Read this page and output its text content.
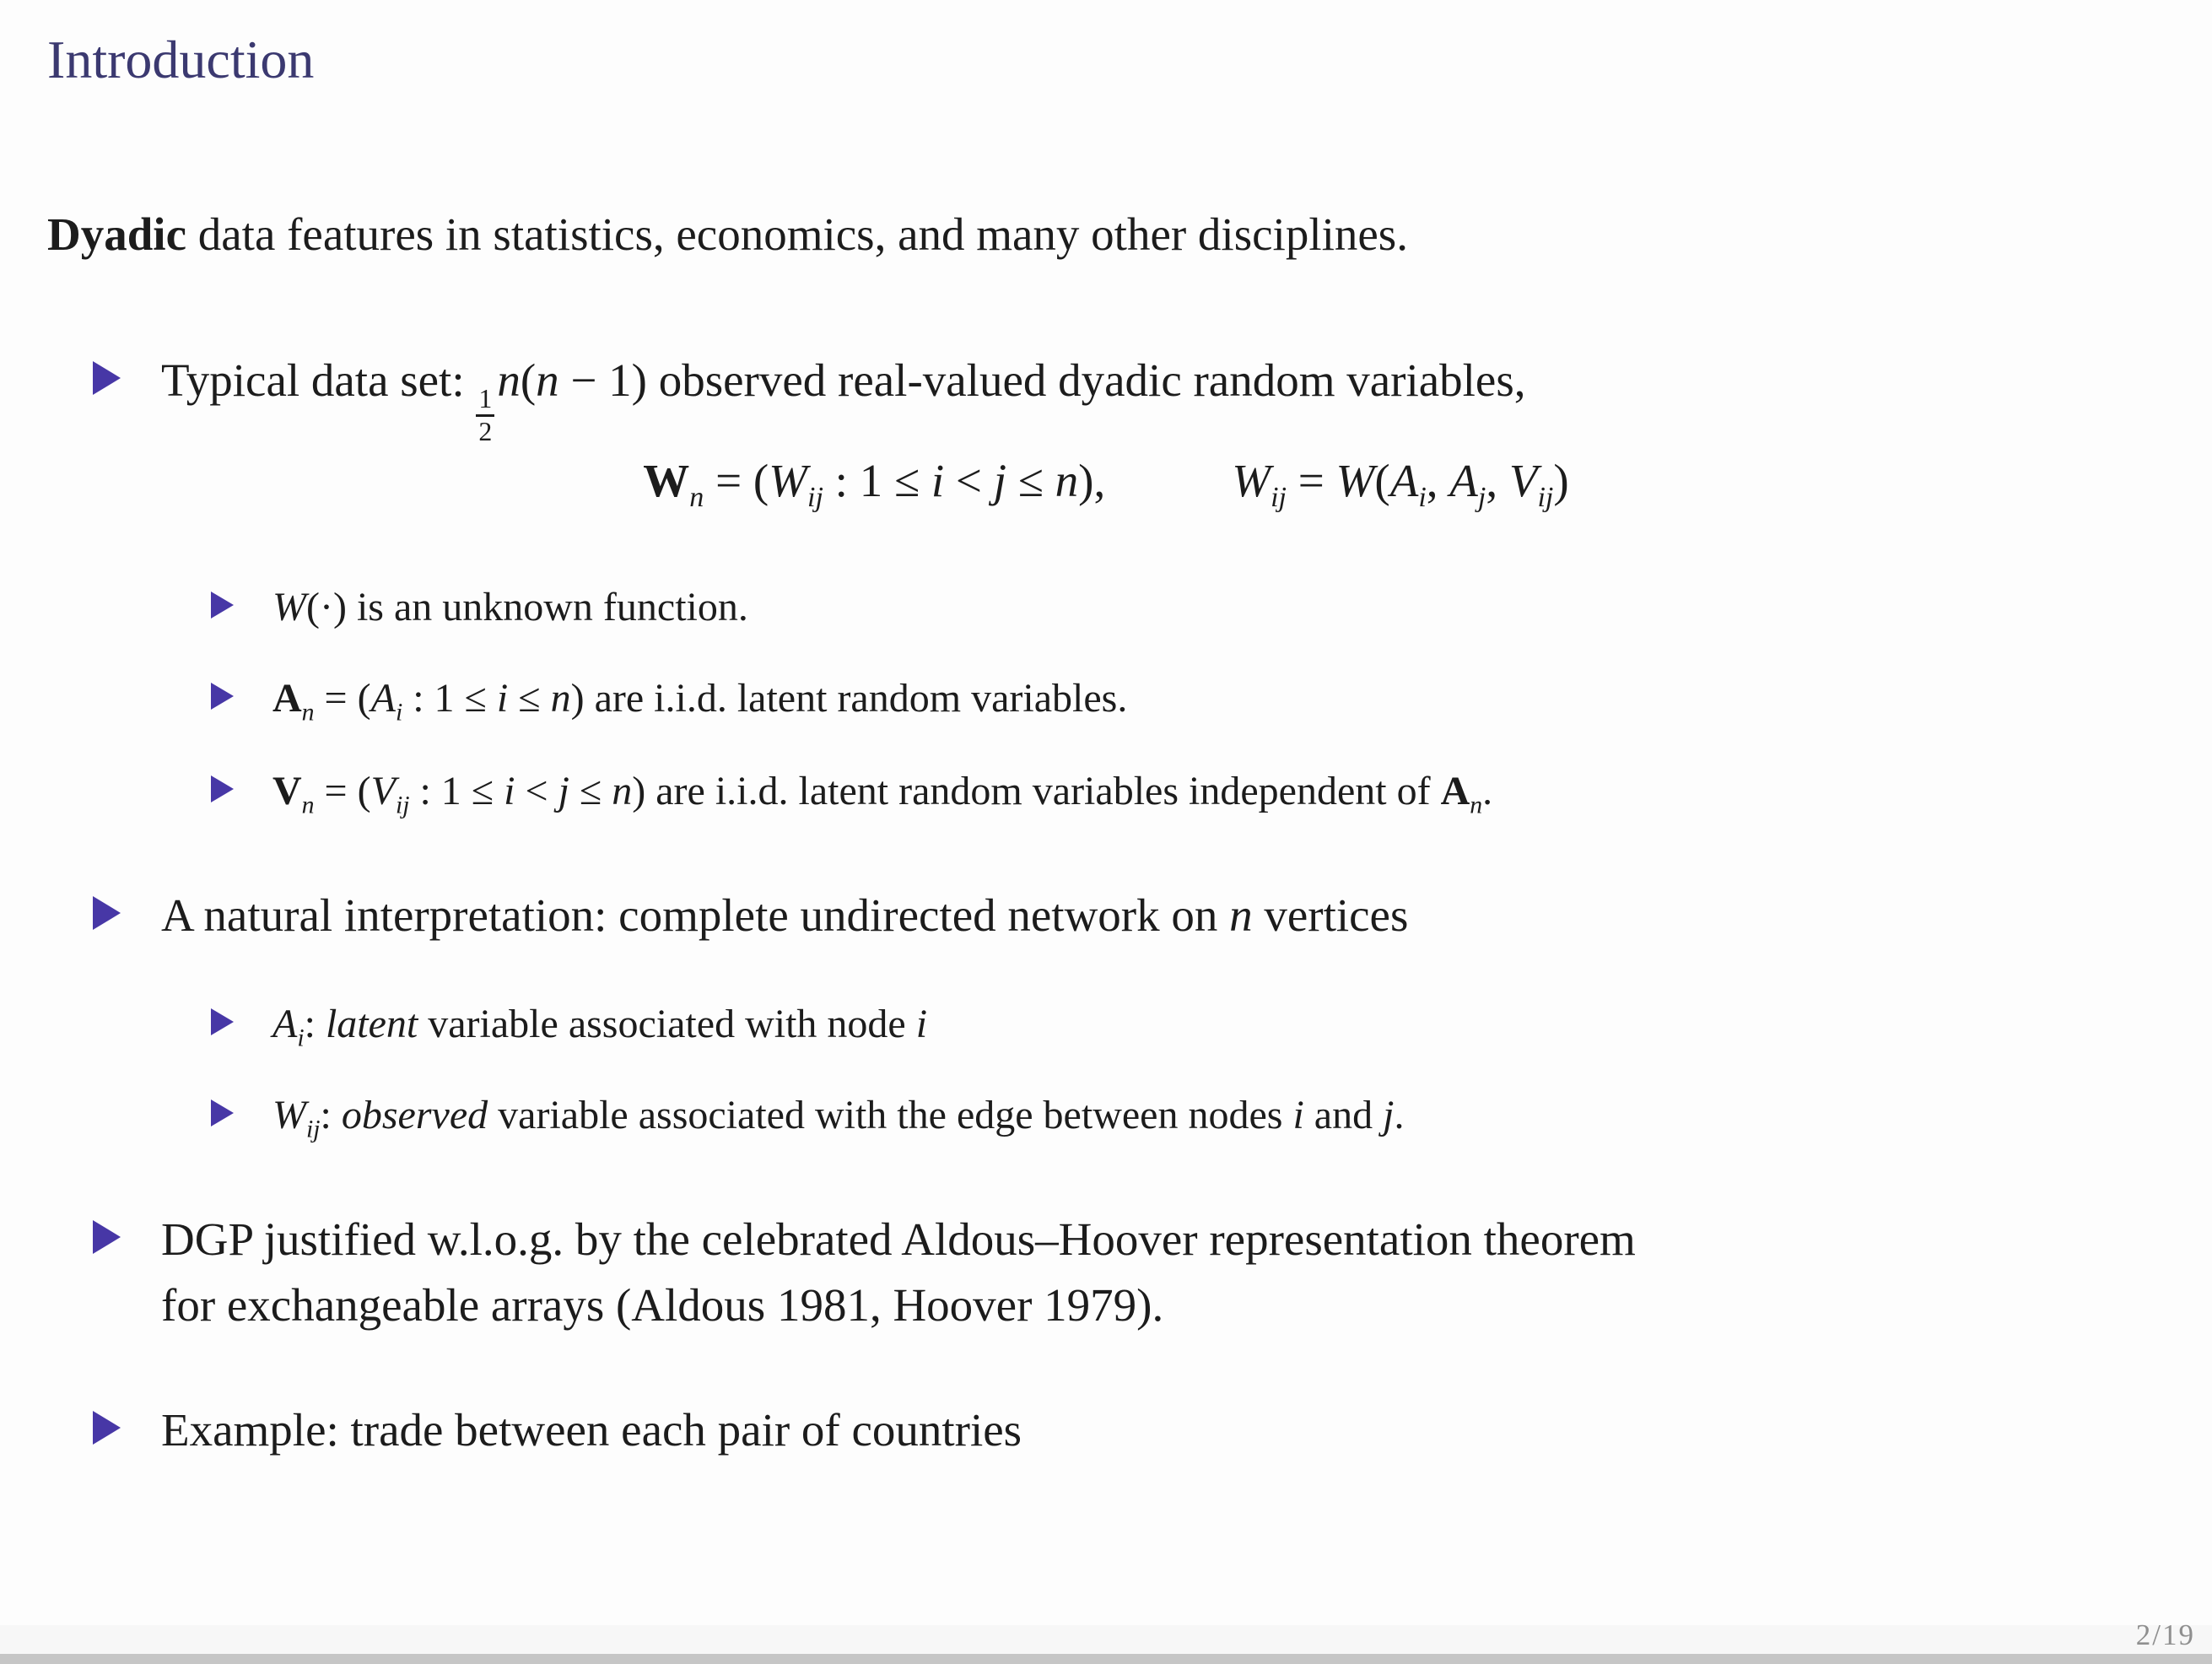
Introduction

Dyadic data features in statistics, economics, and many other disciplines.

Typical data set:
$\frac{1}{2}$
n(n − 1) observed real-valued dyadic random variables,
$W_n = (W_{ij}$ : 1 ≤ i < j ≤ n),	$W_{ij} = W(A_i$, $A_j$, $V_{ij}$)
W(·) is an unknown function.
$A_n = (A_i$ : 1 ≤ i ≤ n) are i.i.d. latent random variables.
$V_n = (V_{ij}$ : 1 ≤ i < j ≤ n) are i.i.d. latent random variables independent of $A_n$.
A natural interpretation: complete undirected network on n vertices
$A_i$: latent variable associated with node i
$W_{ij}$: observed variable associated with the edge between nodes i and j.
DGP justified w.l.o.g. by the celebrated Aldous–Hoover representation theorem
for exchangeable arrays (Aldous 1981, Hoover 1979).
Example: trade between each pair of countries
2/19
